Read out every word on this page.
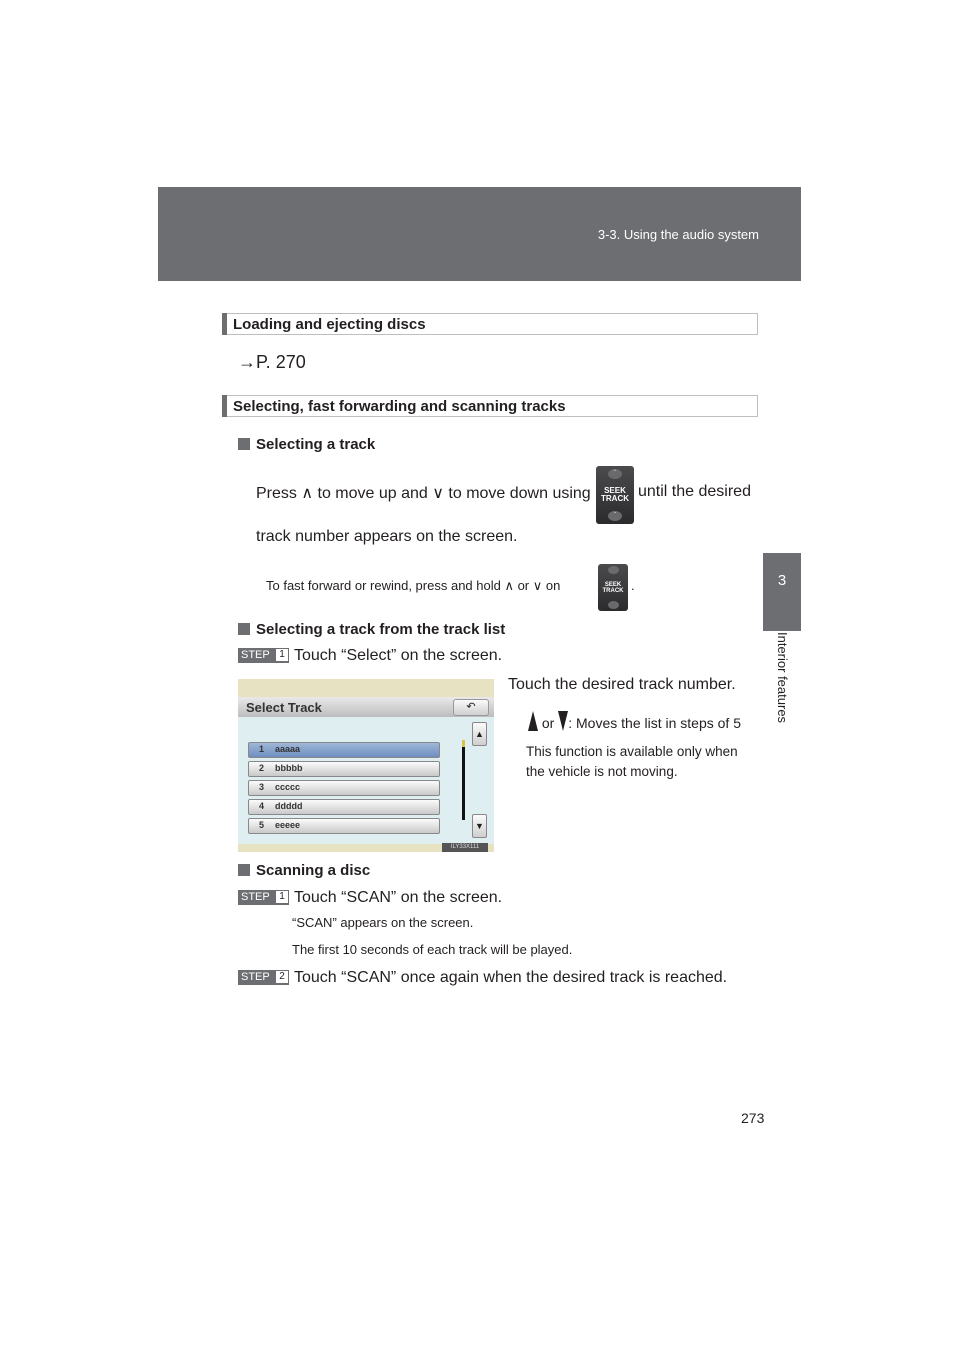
3-3. Using the audio system
3
Interior features
Loading and ejecting discs
→P. 270
Selecting, fast forwarding and scanning tracks
Selecting a track
Press ∧ to move up and ∨ to move down using
ˆ
SEEK
TRACK
ˇ
until the desired
track number appears on the screen.
To fast forward or rewind, press and hold ∧ or ∨ on	SEEK
TRACK .
Selecting a track from the track list
STEP 1 Touch “Select” on the screen.
Touch the desired track number.
or : Moves the list in steps of 5
This function is available only when
the vehicle is not moving.
Select Track	↶
1 aaaaa
2 bbbbb
3 ccccc
4 ddddd
5 eeeee
▲
▼
ILY33X111
Scanning a disc
STEP 1 Touch “SCAN” on the screen.
“SCAN” appears on the screen.
The first 10 seconds of each track will be played.
STEP 2 Touch “SCAN” once again when the desired track is reached.
273
